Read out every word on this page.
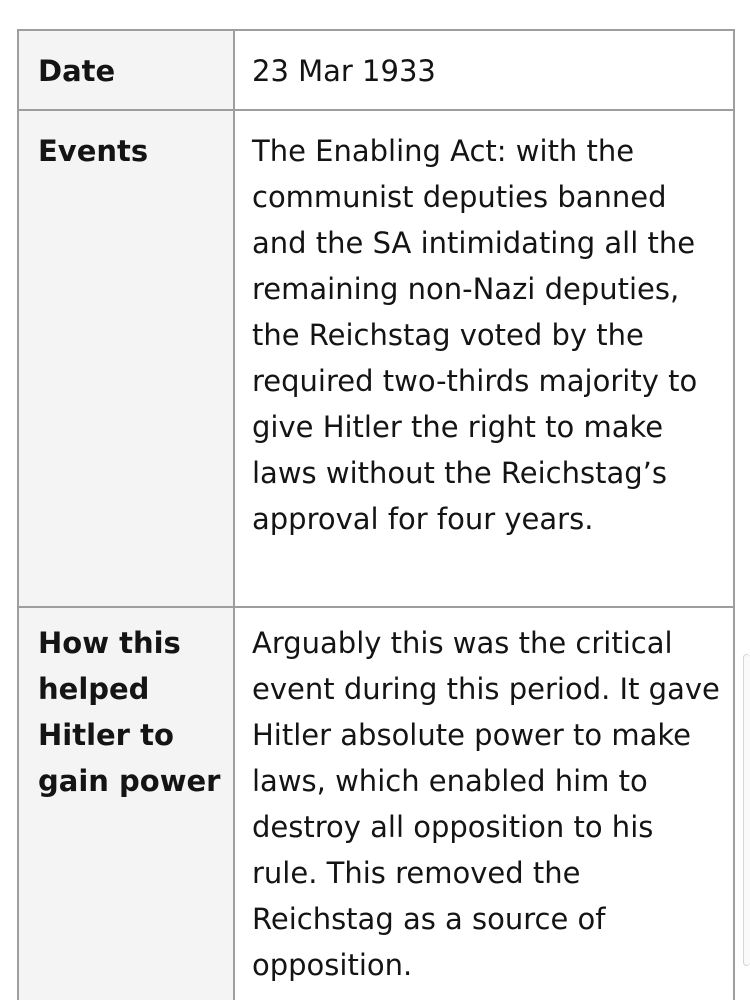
Date	23 Mar 1933
Events	The Enabling Act: with the communist deputies banned and the SA intimidating all the remaining non-Nazi deputies, the Reichstag voted by the required two-thirds majority to give Hitler the right to make laws without the Reichstag’s approval for four years.
How this helped Hitler to gain power	Arguably this was the critical event during this period. It gave Hitler absolute power to make laws, which enabled him to destroy all opposition to his rule. This removed the Reichstag as a source of opposition.
